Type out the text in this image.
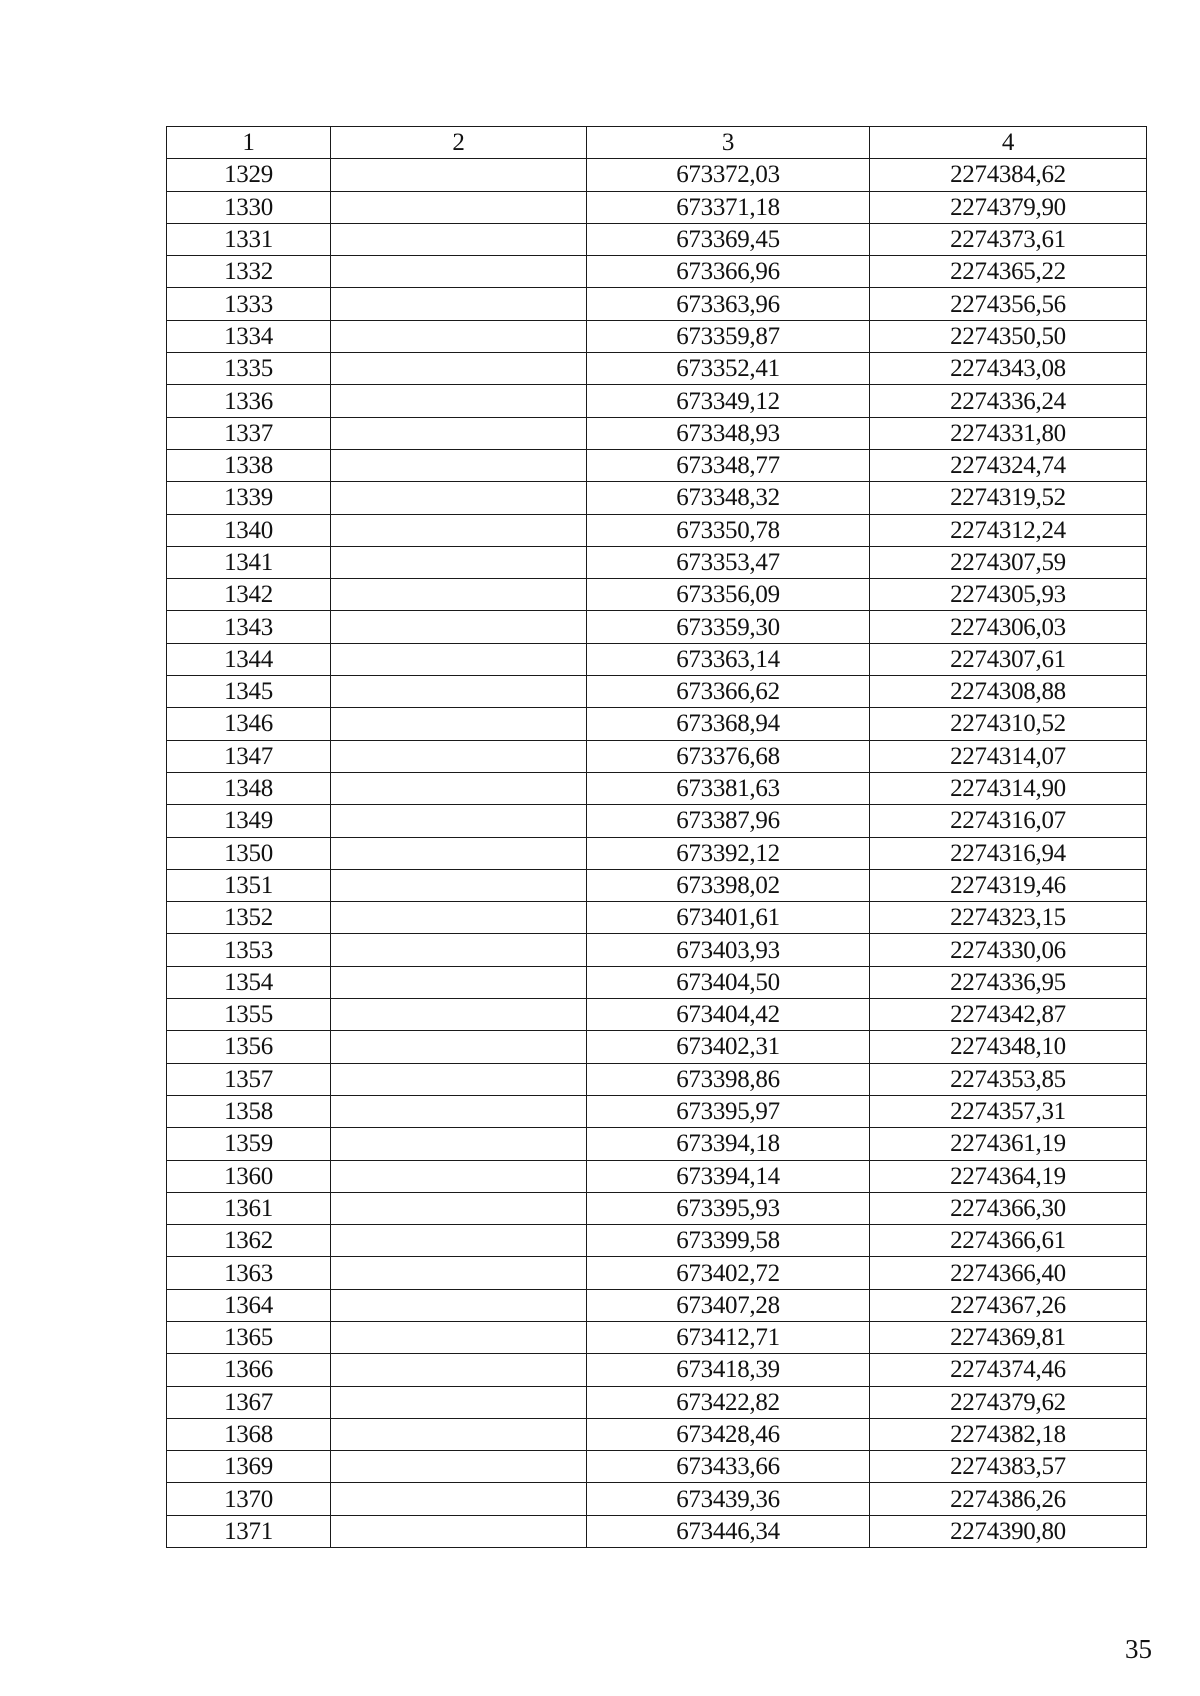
1	2	3	4
1329		673372,03	2274384,62
1330		673371,18	2274379,90
1331		673369,45	2274373,61
1332		673366,96	2274365,22
1333		673363,96	2274356,56
1334		673359,87	2274350,50
1335		673352,41	2274343,08
1336		673349,12	2274336,24
1337		673348,93	2274331,80
1338		673348,77	2274324,74
1339		673348,32	2274319,52
1340		673350,78	2274312,24
1341		673353,47	2274307,59
1342		673356,09	2274305,93
1343		673359,30	2274306,03
1344		673363,14	2274307,61
1345		673366,62	2274308,88
1346		673368,94	2274310,52
1347		673376,68	2274314,07
1348		673381,63	2274314,90
1349		673387,96	2274316,07
1350		673392,12	2274316,94
1351		673398,02	2274319,46
1352		673401,61	2274323,15
1353		673403,93	2274330,06
1354		673404,50	2274336,95
1355		673404,42	2274342,87
1356		673402,31	2274348,10
1357		673398,86	2274353,85
1358		673395,97	2274357,31
1359		673394,18	2274361,19
1360		673394,14	2274364,19
1361		673395,93	2274366,30
1362		673399,58	2274366,61
1363		673402,72	2274366,40
1364		673407,28	2274367,26
1365		673412,71	2274369,81
1366		673418,39	2274374,46
1367		673422,82	2274379,62
1368		673428,46	2274382,18
1369		673433,66	2274383,57
1370		673439,36	2274386,26
1371		673446,34	2274390,80
35
